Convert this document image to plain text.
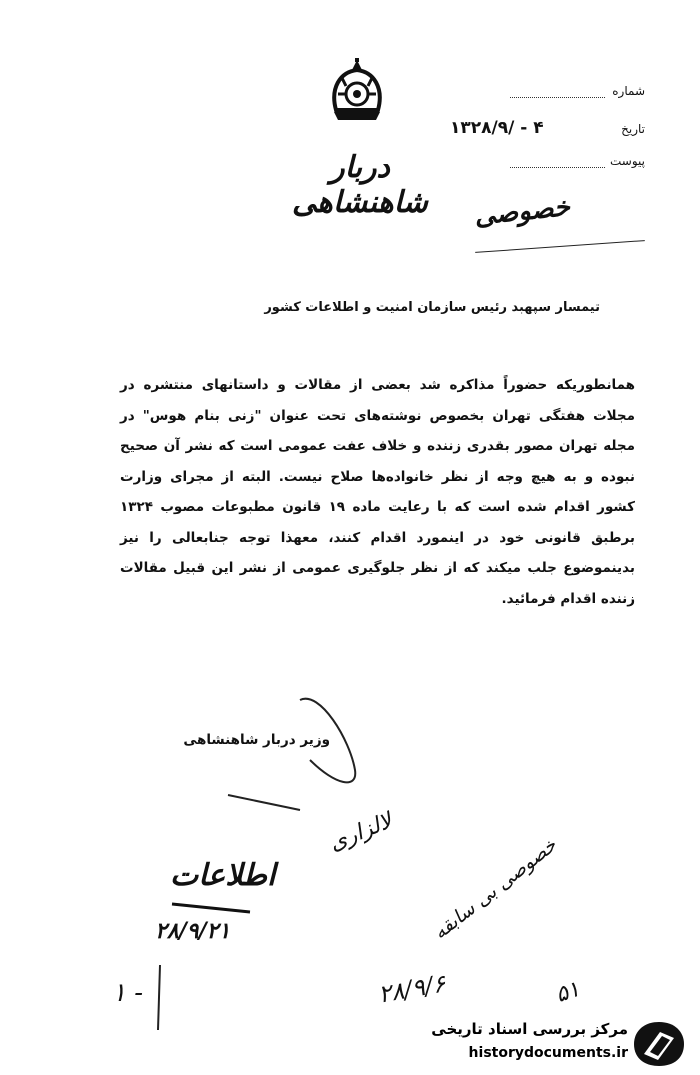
دربار شاهنشاهی
شماره
تاریخ
۱۳۲۸/۹/ - ۴
پیوست
خصوصی
تیمسار سپهبد رئیس سازمان امنیت و اطلاعات کشور
همانطوریکه حضوراً مذاکره شد بعضی از مقالات و داستانهای منتشره در مجلات هفتگی تهران بخصوص نوشته‌های تحت عنوان "زنی بنام هوس" در مجله تهران مصور بقدری زننده و خلاف عفت عمومی است که نشر آن صحیح نبوده و به هیچ وجه از نظر خانواده‌ها صلاح نیست. البته از مجرای وزارت کشور اقدام شده است که با رعایت ماده ۱۹ قانون مطبوعات مصوب ۱۳۲۴ برطبق قانونی خود در اینمورد اقدام کنند، معهذا توجه جنابعالی را نیز بدینموضوع جلب میکند که از نظر جلوگیری عمومی از نشر این قبیل مقالات زننده اقدام فرمائید.
وزیر دربار شاهنشاهی
لالزاری
خصوصی بی سابقه
۲۸/۹/۶	۵۱
اطلاعات
۲۸/۹/۲۱
۱ -
مرکز بررسی اسناد تاریخی
historydocuments.ir
